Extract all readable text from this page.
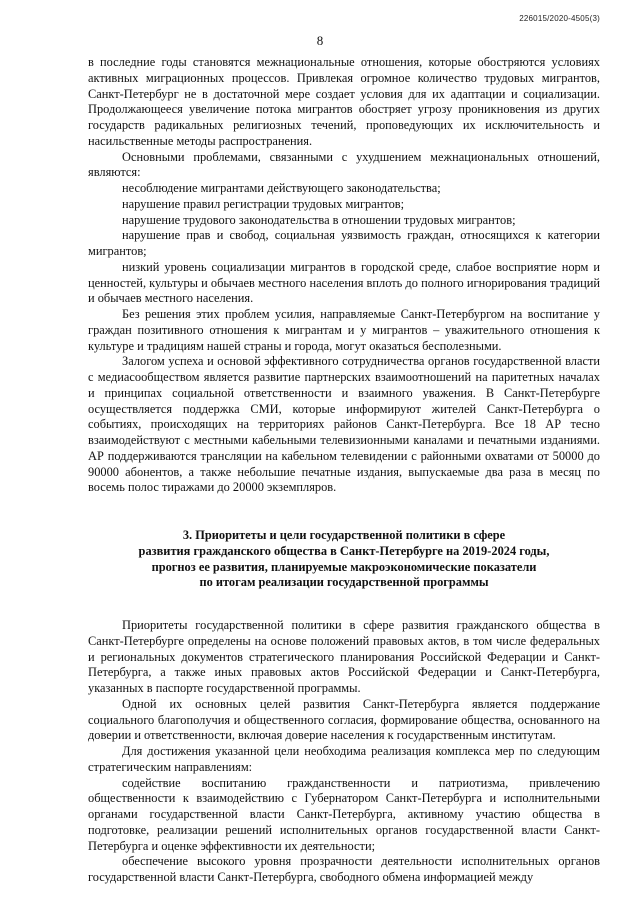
226015/2020-4505(3)
8

в последние годы становятся межнациональные отношения, которые обостряются условиях активных миграционных процессов. Привлекая огромное количество трудовых мигрантов, Санкт-Петербург не в достаточной мере создает условия для их адаптации и социализации. Продолжающееся увеличение потока мигрантов обостряет угрозу проникновения из других государств радикальных религиозных течений, проповедующих их исключительность и насильственные методы распространения.

Основными проблемами, связанными с ухудшением межнациональных отношений, являются:

несоблюдение мигрантами действующего законодательства;

нарушение правил регистрации трудовых мигрантов;

нарушение трудового законодательства в отношении трудовых мигрантов;

нарушение прав и свобод, социальная уязвимость граждан, относящихся к категории мигрантов;

низкий уровень социализации мигрантов в городской среде, слабое восприятие норм и ценностей, культуры и обычаев местного населения вплоть до полного игнорирования традиций и обычаев местного населения.

Без решения этих проблем усилия, направляемые Санкт-Петербургом на воспитание у граждан позитивного отношения к мигрантам и у мигрантов – уважительного отношения к культуре и традициям нашей страны и города, могут оказаться бесполезными.

Залогом успеха и основой эффективного сотрудничества органов государственной власти с медиасообществом является развитие партнерских взаимоотношений на паритетных началах и принципах социальной ответственности и взаимного уважения. В Санкт-Петербурге осуществляется поддержка СМИ, которые информируют жителей Санкт-Петербурга о событиях, происходящих на территориях районов Санкт-Петербурга. Все 18 АР тесно взаимодействуют с местными кабельными телевизионными каналами и печатными изданиями. АР поддерживаются трансляции на кабельном телевидении с районными охватами от 50000 до 90000 абонентов, а также небольшие печатные издания, выпускаемые два раза в месяц по восемь полос тиражами до 20000 экземпляров.

3. Приоритеты и цели государственной политики в сфере
развития гражданского общества в Санкт-Петербурге на 2019-2024 годы,
прогноз ее развития, планируемые макроэкономические показатели
по итогам реализации государственной программы

Приоритеты государственной политики в сфере развития гражданского общества в Санкт-Петербурге определены на основе положений правовых актов, в том числе федеральных и региональных документов стратегического планирования Российской Федерации и Санкт-Петербурга, а также иных правовых актов Российской Федерации и Санкт-Петербурга, указанных в паспорте государственной программы.

Одной их основных целей развития Санкт-Петербурга является поддержание социального благополучия и общественного согласия, формирование общества, основанного на доверии и ответственности, включая доверие населения к государственным институтам.

Для достижения указанной цели необходима реализация комплекса мер по следующим стратегическим направлениям:

содействие воспитанию гражданственности и патриотизма, привлечению общественности к взаимодействию с Губернатором Санкт-Петербурга и исполнительными органами государственной власти Санкт-Петербурга, активному участию общества в подготовке, реализации решений исполнительных органов государственной власти Санкт-Петербурга и оценке эффективности их деятельности;

обеспечение высокого уровня прозрачности деятельности исполнительных органов государственной власти Санкт-Петербурга, свободного обмена информацией между
